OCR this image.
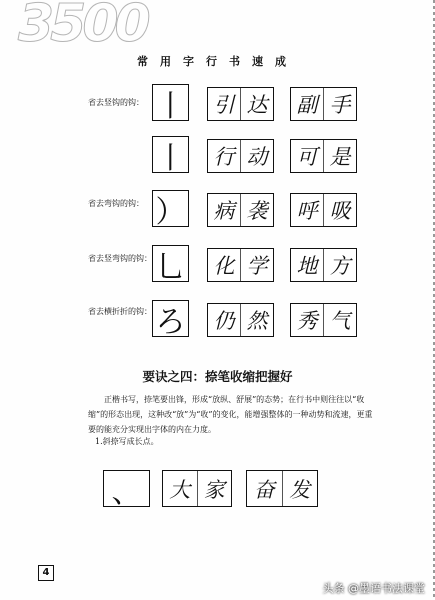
3500
常用字行书速成
省去竖钩的钩： 丨 引 达 副 手
丨 行 动 可 是
省去弯钩的钩： ） 病 袭 呼 吸
省去竖弯钩的钩： 乚 化 学 地 方
省去横折折的钩： ろ 仍 然 秀 气
要诀之四：捺笔收缩把握好
正楷书写，捺笔要出锋，形成“放纵、舒展”的态势；在行书中则往往以“收缩”的形态出现，这种改“放”为“收”的变化，能增强整体的一种动势和流速，更重要的能充分实现出字体的内在力度。
1.斜捺写成长点。
、 大 家	奋 发
4
头条 @墨语书法课堂
